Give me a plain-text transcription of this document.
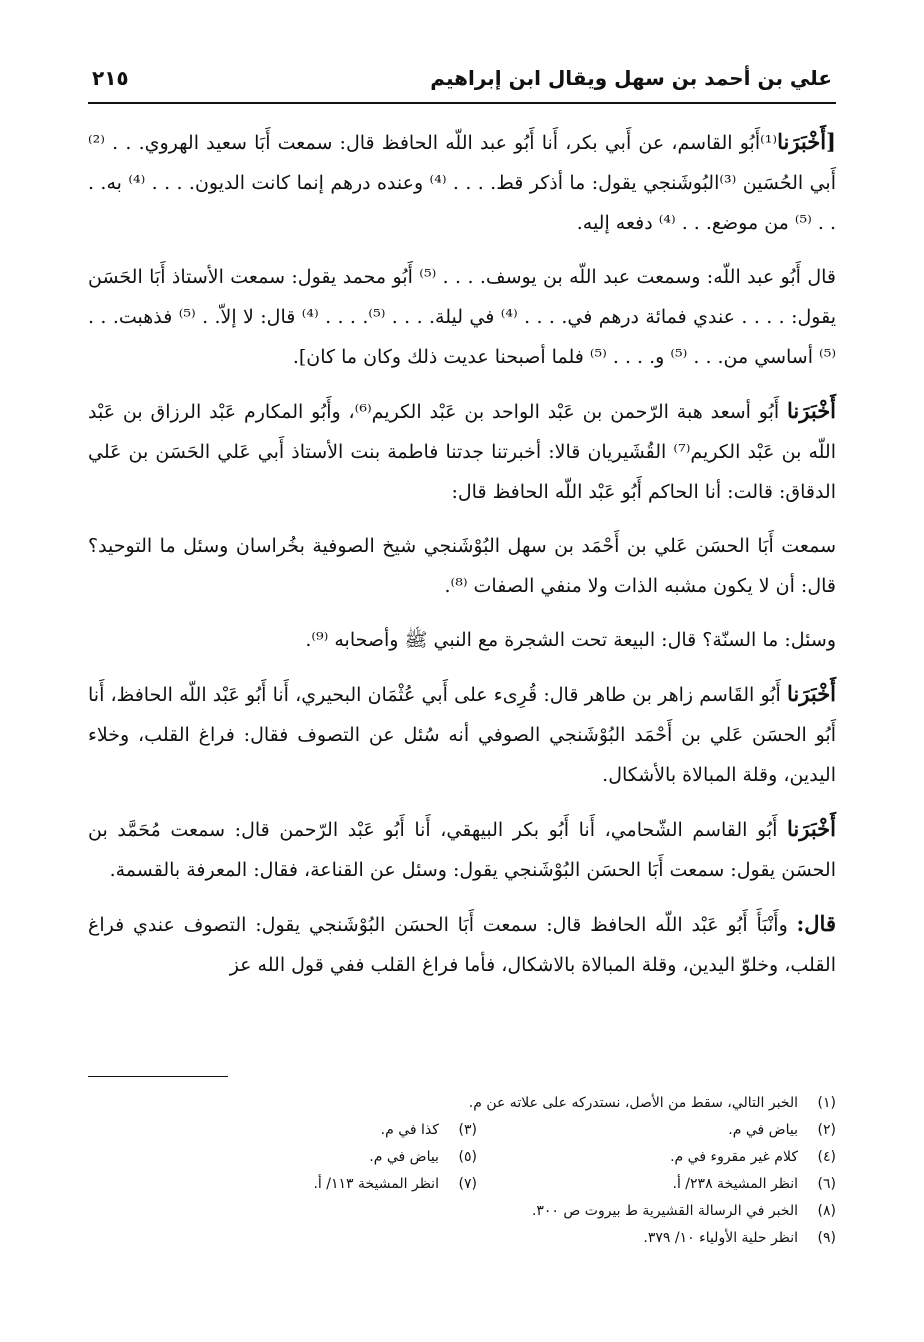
علي بن أحمد بن سهل ويقال ابن إبراهيم
٢١٥

[أَخْبَرَنا⁽¹⁾أَبُو القاسم، عن أَبي بكر، أَنا أَبُو عبد اللّه الحافظ قال: سمعت أَبَا سعيد الهروي. . . ⁽²⁾ أَبي الحُسَين ⁽³⁾البُوشَنجي يقول: ما أذكر قط. . . . ⁽⁴⁾ وعنده درهم إنما كانت الديون. . . . ⁽⁴⁾ به. . . . ⁽⁵⁾ من موضع. . . ⁽⁴⁾ دفعه إليه.

قال أَبُو عبد اللّه: وسمعت عبد اللّه بن يوسف. . . . ⁽⁵⁾ أَبُو محمد يقول: سمعت الأستاذ أَبَا الحَسَن يقول: . . . . عندي فمائة درهم في. . . . ⁽⁴⁾ في ليلة. . . . ⁽⁵⁾. . . . ⁽⁴⁾ قال: لا إلاّ. . ⁽⁵⁾ فذهبت. . . ⁽⁵⁾ أساسي من. . . ⁽⁵⁾ و. . . . ⁽⁵⁾ فلما أصبحنا عديت ذلك وكان ما كان].

أَخْبَرَنا أَبُو أسعد هبة الرّحمن بن عَبْد الواحد بن عَبْد الكريم⁽⁶⁾، وأَبُو المكارم عَبْد الرزاق بن عَبْد اللّه بن عَبْد الكريم⁽⁷⁾ القُشَيريان قالا: أخبرتنا جدتنا فاطمة بنت الأستاذ أَبي عَلي الحَسَن بن عَلي الدقاق: قالت: أنا الحاكم أَبُو عَبْد اللّه الحافظ قال:

سمعت أَبَا الحسَن عَلي بن أَحْمَد بن سهل البُوْشَنجي شيخ الصوفية بخُراسان وسئل ما التوحيد؟ قال: أن لا يكون مشبه الذات ولا منفي الصفات ⁽⁸⁾.

وسئل: ما السنّة؟ قال: البيعة تحت الشجرة مع النبي ﷺ وأصحابه ⁽⁹⁾.

أَخْبَرَنا أَبُو القَاسم زاهر بن طاهر قال: قُرِىء على أَبي عُثْمَان البحيري، أَنا أَبُو عَبْد اللّه الحافظ، أَنا أَبُو الحسَن عَلي بن أَحْمَد البُوْشَنجي الصوفي أنه سُئل عن التصوف فقال: فراغ القلب، وخلاء اليدين، وقلة المبالاة بالأشكال.

أَخْبَرَنا أَبُو القاسم الشّحامي، أَنا أَبُو بكر البيهقي، أَنا أَبُو عَبْد الرّحمن قال: سمعت مُحَمَّد بن الحسَن يقول: سمعت أَبَا الحسَن البُوْشَنجي يقول: وسئل عن القناعة، فقال: المعرفة بالقسمة.

قال: وأَنْبَأَ أَبُو عَبْد اللّه الحافظ قال: سمعت أَبَا الحسَن البُوْشَنجي يقول: التصوف عندي فراغ القلب، وخلوّ اليدين، وقلة المبالاة بالاشكال، فأما فراغ القلب ففي قول الله عز

(١)الخبر التالي، سقط من الأصل، نستدركه على علاته عن م.
(٢)بياض في م.
(٣)كذا في م.
(٤)كلام غير مقروء في م.
(٥)بياض في م.
(٦)انظر المشيخة ٢٣٨/ أ.
(٧)انظر المشيخة ١١٣/ أ.
(٨)الخبر في الرسالة القشيرية ط بيروت ص ٣٠٠.
(٩)انظر حلية الأولياء ١٠/ ٣٧٩.
